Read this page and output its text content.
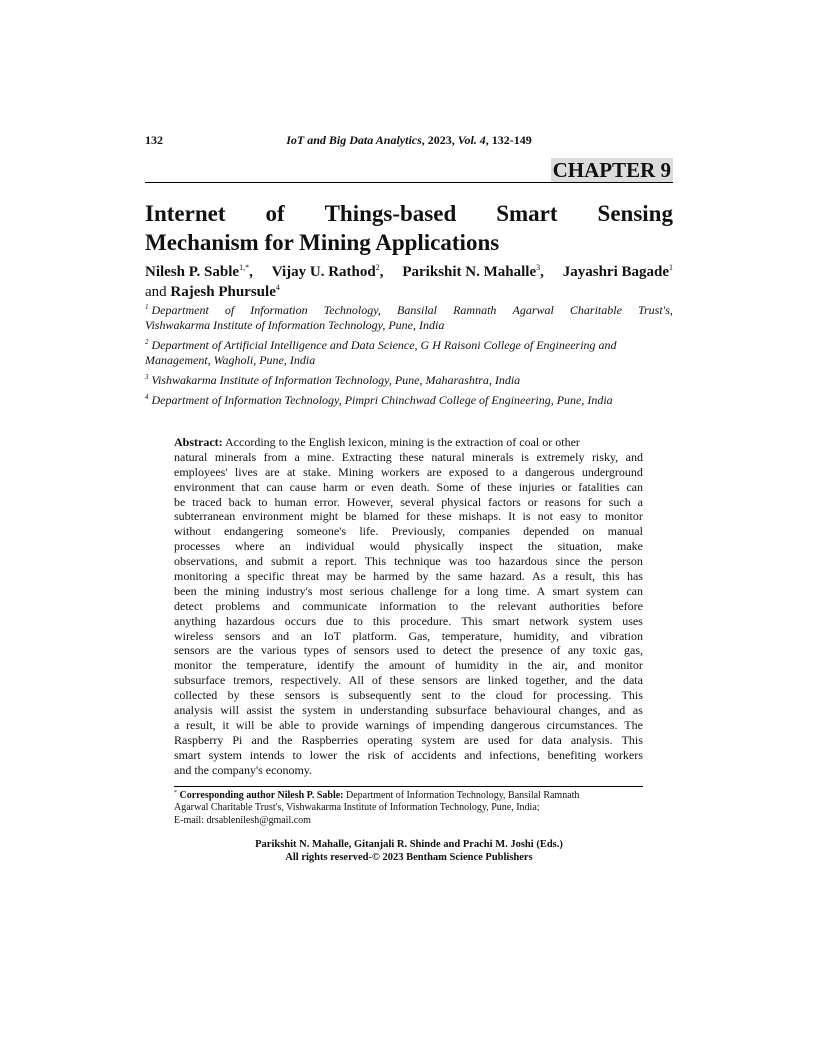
132	IoT and Big Data Analytics, 2023, Vol. 4, 132-149
CHAPTER 9
Internet of Things-based Smart Sensing
Mechanism for Mining Applications
Nilesh P. Sable$^{1,*}$, Vijay U. Rathod$^2$, Parikshit N. Mahalle$^3$, Jayashri Bagade$^1$
and Rajesh Phursule$^4$
$^1$ Department of Information Technology, Bansilal Ramnath Agarwal Charitable Trust's,
Vishwakarma Institute of Information Technology, Pune, India
$^2$ Department of Artificial Intelligence and Data Science, G H Raisoni College of Engineering and
Management, Wagholi, Pune, India
$^3$ Vishwakarma Institute of Information Technology, Pune, Maharashtra, India
$^4$ Department of Information Technology, Pimpri Chinchwad College of Engineering, Pune, India
Abstract: According to the English lexicon, mining is the extraction of coal or other
natural minerals from a mine. Extracting these natural minerals is extremely risky, and
employees' lives are at stake. Mining workers are exposed to a dangerous underground
environment that can cause harm or even death. Some of these injuries or fatalities can
be traced back to human error. However, several physical factors or reasons for such a
subterranean environment might be blamed for these mishaps. It is not easy to monitor
without endangering someone's life. Previously, companies depended on manual
processes where an individual would physically inspect the situation, make
observations, and submit a report. This technique was too hazardous since the person
monitoring a specific threat may be harmed by the same hazard. As a result, this has
been the mining industry's most serious challenge for a long time. A smart system can
detect problems and communicate information to the relevant authorities before
anything hazardous occurs due to this procedure. This smart network system uses
wireless sensors and an IoT platform. Gas, temperature, humidity, and vibration
sensors are the various types of sensors used to detect the presence of any toxic gas,
monitor the temperature, identify the amount of humidity in the air, and monitor
subsurface tremors, respectively. All of these sensors are linked together, and the data
collected by these sensors is subsequently sent to the cloud for processing. This
analysis will assist the system in understanding subsurface behavioural changes, and as
a result, it will be able to provide warnings of impending dangerous circumstances. The
Raspberry Pi and the Raspberries operating system are used for data analysis. This
smart system intends to lower the risk of accidents and infections, benefiting workers
and the company's economy.
* Corresponding author Nilesh P. Sable: Department of Information Technology, Bansilal Ramnath
Agarwal Charitable Trust's, Vishwakarma Institute of Information Technology, Pune, India;
E-mail: drsablenilesh@gmail.com
Parikshit N. Mahalle, Gitanjali R. Shinde and Prachi M. Joshi (Eds.)
All rights reserved-© 2023 Bentham Science Publishers
